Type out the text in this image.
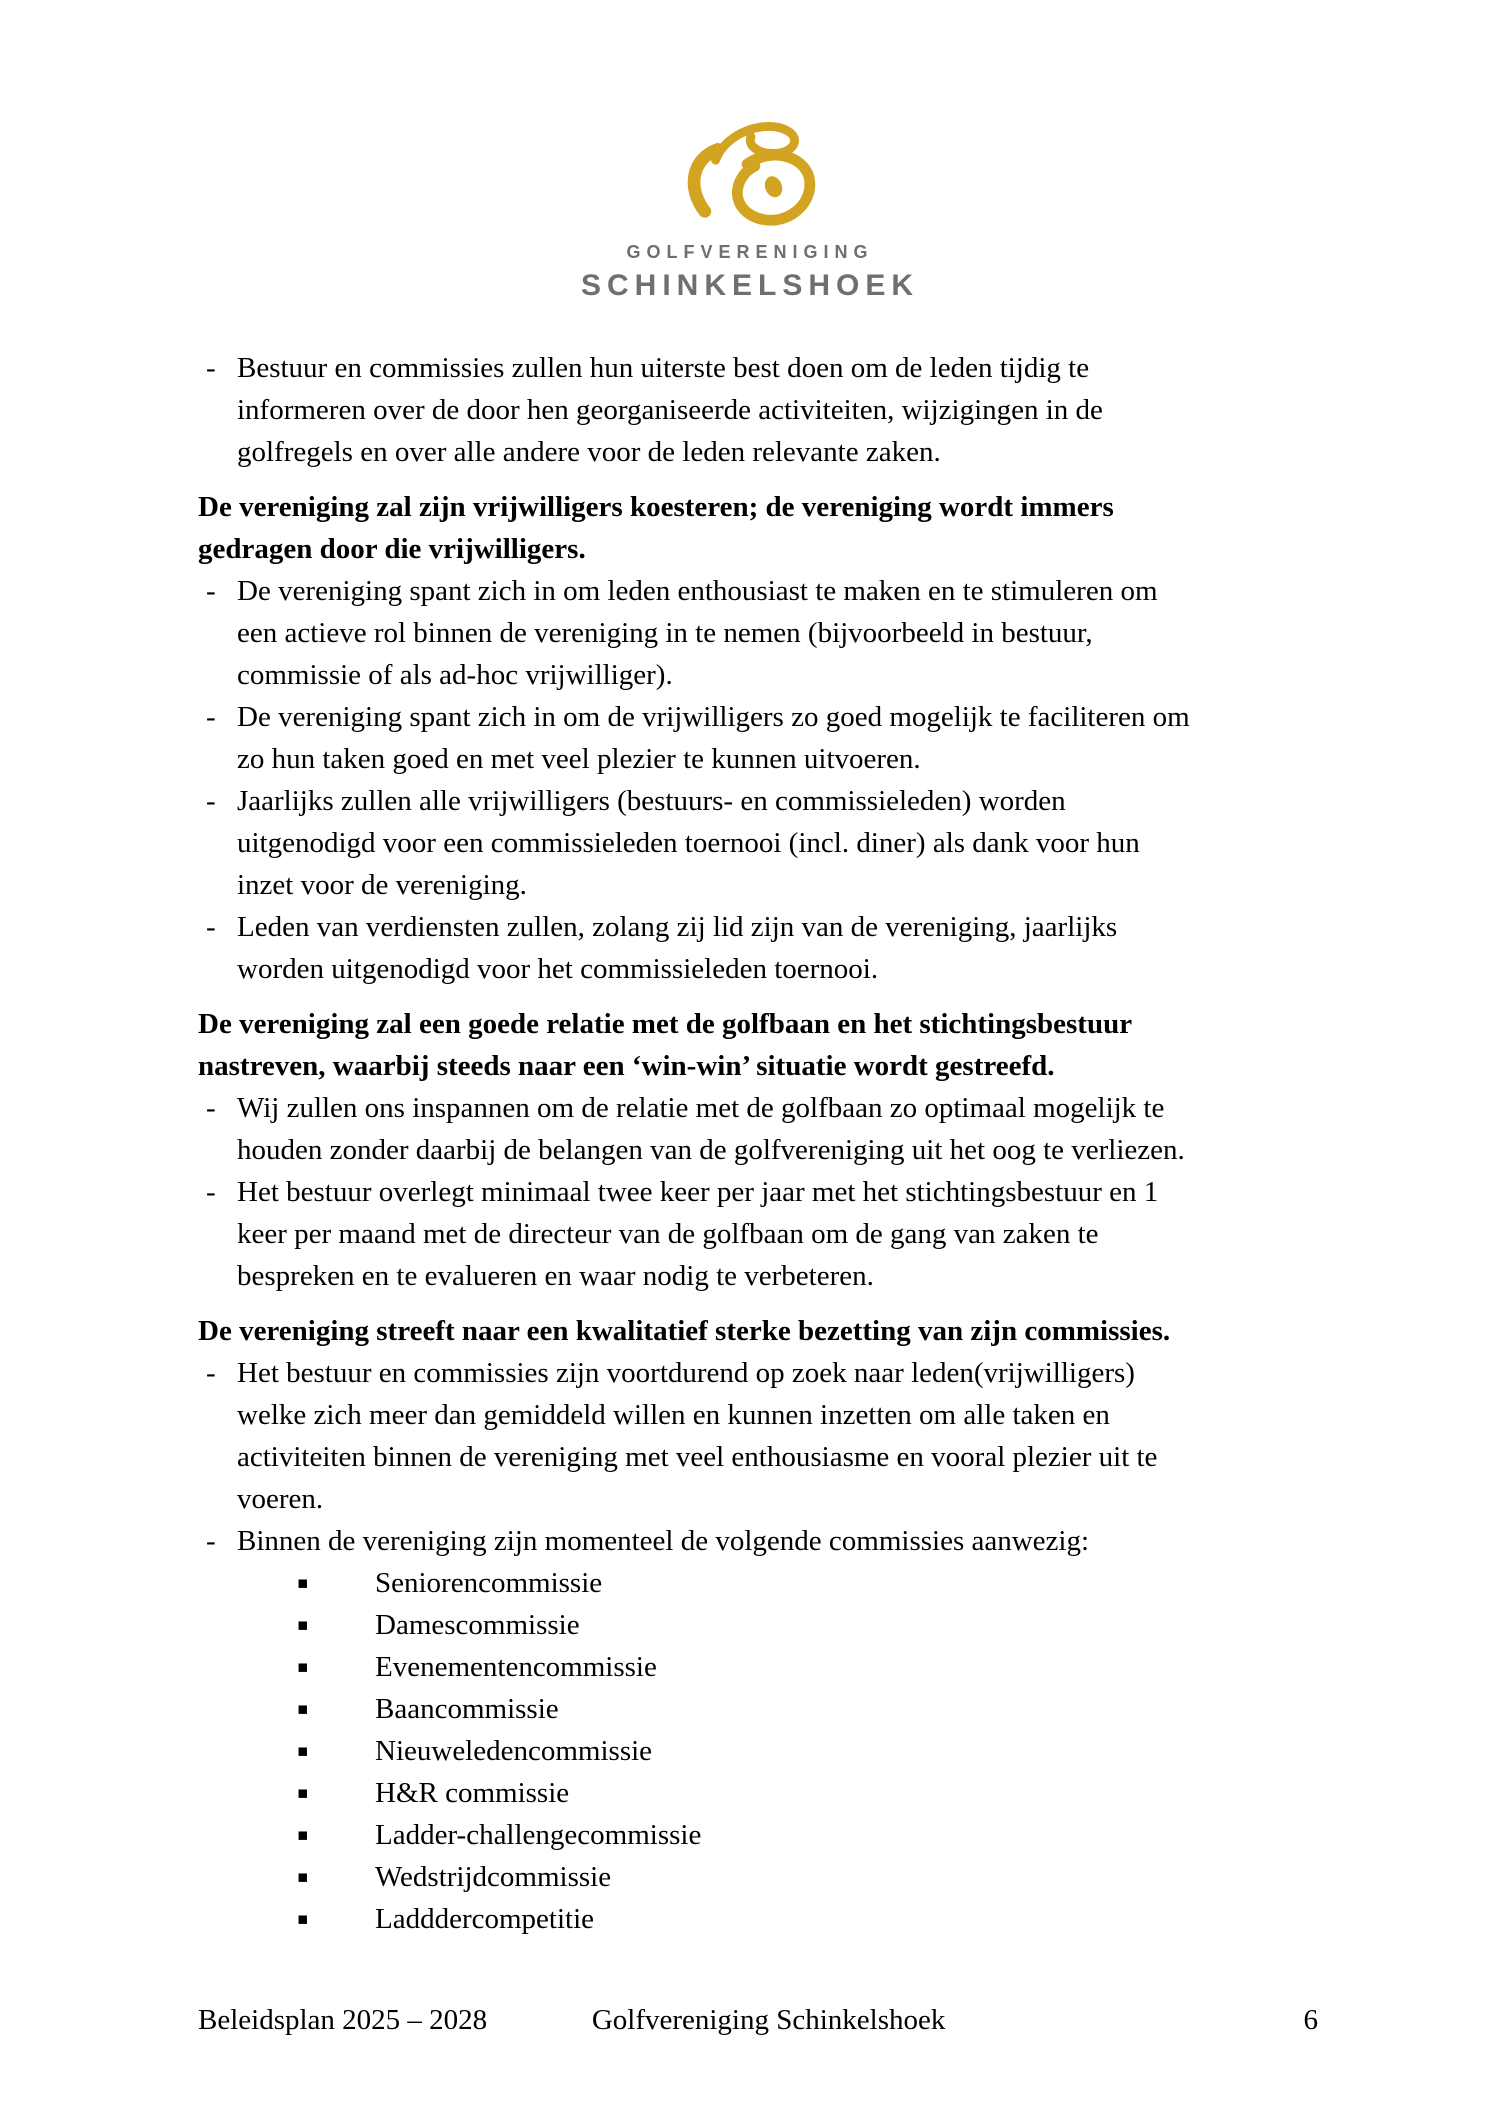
GOLFVERENIGING
SCHINKELSHOEK
- Bestuur en commissies zullen hun uiterste best doen om de leden tijdig te
informeren over de door hen georganiseerde activiteiten, wijzigingen in de
golfregels en over alle andere voor de leden relevante zaken.
De vereniging zal zijn vrijwilligers koesteren; de vereniging wordt immers
gedragen door die vrijwilligers.
- De vereniging spant zich in om leden enthousiast te maken en te stimuleren om
een actieve rol binnen de vereniging in te nemen (bijvoorbeeld in bestuur,
commissie of als ad-hoc vrijwilliger).
- De vereniging spant zich in om de vrijwilligers zo goed mogelijk te faciliteren om
zo hun taken goed en met veel plezier te kunnen uitvoeren.
- Jaarlijks zullen alle vrijwilligers (bestuurs- en commissieleden) worden
uitgenodigd voor een commissieleden toernooi (incl. diner) als dank voor hun
inzet voor de vereniging.
- Leden van verdiensten zullen, zolang zij lid zijn van de vereniging, jaarlijks
worden uitgenodigd voor het commissieleden toernooi.
De vereniging zal een goede relatie met de golfbaan en het stichtingsbestuur
nastreven, waarbij steeds naar een ‘win-win’ situatie wordt gestreefd.
- Wij zullen ons inspannen om de relatie met de golfbaan zo optimaal mogelijk te
houden zonder daarbij de belangen van de golfvereniging uit het oog te verliezen.
- Het bestuur overlegt minimaal twee keer per jaar met het stichtingsbestuur en 1
keer per maand met de directeur van de golfbaan om de gang van zaken te
bespreken en te evalueren en waar nodig te verbeteren.
De vereniging streeft naar een kwalitatief sterke bezetting van zijn commissies.
- Het bestuur en commissies zijn voortdurend op zoek naar leden(vrijwilligers)
welke zich meer dan gemiddeld willen en kunnen inzetten om alle taken en
activiteiten binnen de vereniging met veel enthousiasme en vooral plezier uit te
voeren.
- Binnen de vereniging zijn momenteel de volgende commissies aanwezig:
▪	Seniorencommissie
▪	Damescommissie
▪	Evenementencommissie
▪	Baancommissie
▪	Nieuweledencommissie
▪	H&R commissie
▪	Ladder-challengecommissie
▪	Wedstrijdcommissie
▪	Ladddercompetitie
Beleidsplan 2025 – 2028	Golfvereniging Schinkelshoek	6
